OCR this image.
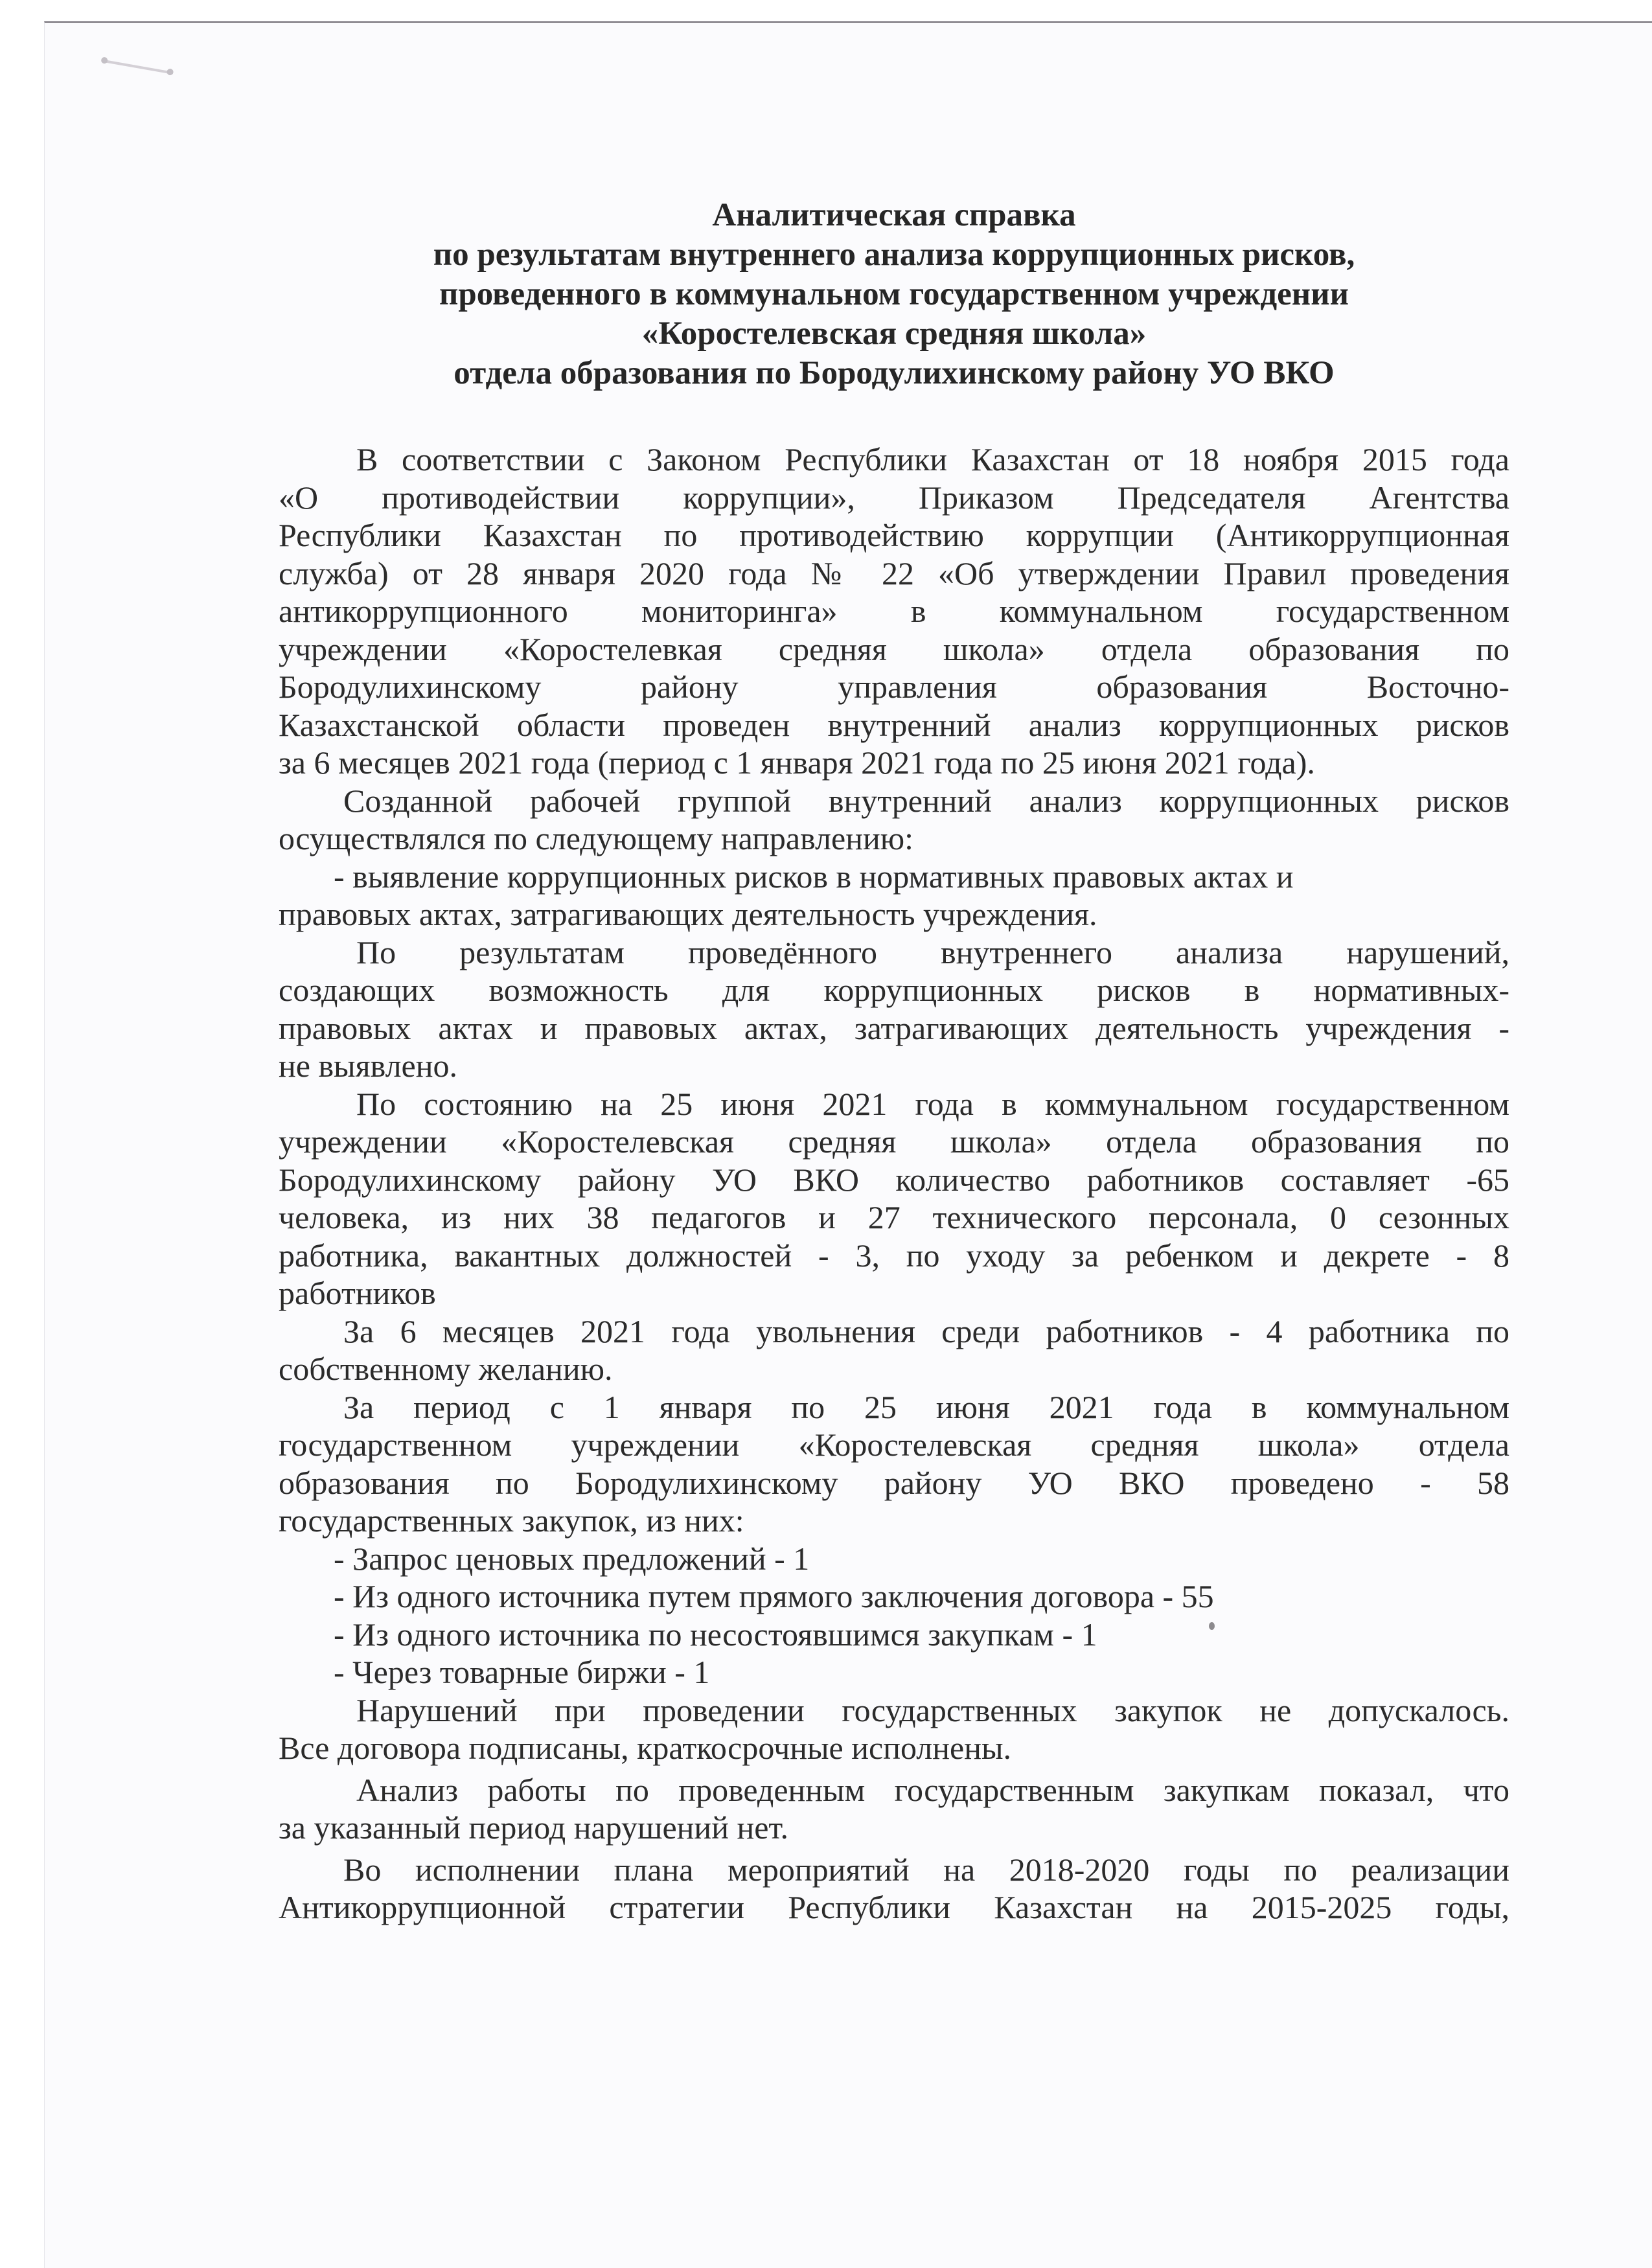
Аналитическая справка
по результатам внутреннего анализа коррупционных рисков,
проведенного в коммунальном государственном учреждении
«Коростелевская средняя школа»
отдела образования по Бородулихинскому району УО ВКО
В соответствии с Законом Республики Казахстан от 18 ноября 2015 года
«О противодействии коррупции», Приказом Председателя Агентства
Республики Казахстан по противодействию коррупции (Антикоррупционная
служба) от 28 января 2020 года № 22 «Об утверждении Правил проведения
антикоррупционного мониторинга» в коммунальном государственном
учреждении «Коростелевкая средняя школа» отдела образования по
Бородулихинскому району управления образования Восточно-
Казахстанской области проведен внутренний анализ коррупционных рисков
за 6 месяцев 2021 года (период с 1 января 2021 года по 25 июня 2021 года).
Созданной рабочей группой внутренний анализ коррупционных рисков
осуществлялся по следующему направлению:
- выявление коррупционных рисков в нормативных правовых актах и
правовых актах, затрагивающих деятельность учреждения.
По результатам проведённого внутреннего анализа нарушений,
создающих возможность для коррупционных рисков в нормативных-
правовых актах и правовых актах, затрагивающих деятельность учреждения -
не выявлено.
По состоянию на 25 июня 2021 года в коммунальном государственном
учреждении «Коростелевская средняя школа» отдела образования по
Бородулихинскому району УО ВКО количество работников составляет -65
человека, из них 38 педагогов и 27 технического персонала, 0 сезонных
работника, вакантных должностей - 3, по уходу за ребенком и декрете - 8
работников
За 6 месяцев 2021 года увольнения среди работников - 4 работника по
собственному желанию.
За период с 1 января по 25 июня 2021 года в коммунальном
государственном учреждении «Коростелевская средняя школа» отдела
образования по Бородулихинскому району УО ВКО проведено - 58
государственных закупок, из них:
- Запрос ценовых предложений - 1
- Из одного источника путем прямого заключения договора - 55
- Из одного источника по несостоявшимся закупкам - 1
- Через товарные биржи - 1
Нарушений при проведении государственных закупок не допускалось.
Все договора подписаны, краткосрочные исполнены.
Анализ работы по проведенным государственным закупкам показал, что
за указанный период нарушений нет.
Во исполнении плана мероприятий на 2018-2020 годы по реализации
Антикоррупционной стратегии Республики Казахстан на 2015-2025 годы,
